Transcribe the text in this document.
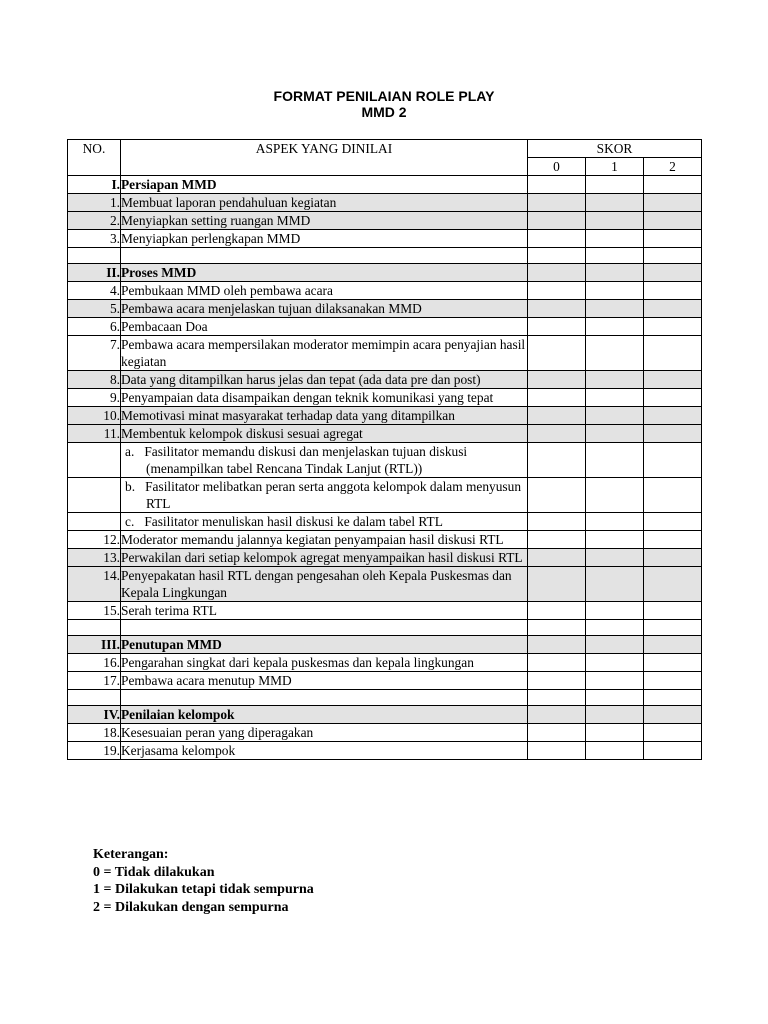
FORMAT PENILAIAN ROLE PLAY
MMD 2
NO.	ASPEK YANG DINILAI	SKOR		
		0	1	2
I.	Persiapan MMD			
1.	Membuat laporan pendahuluan kegiatan			
2.	Menyiapkan setting ruangan MMD			
3.	Menyiapkan perlengkapan MMD			

II.	Proses MMD			
4.	Pembukaan MMD oleh pembawa acara			
5.	Pembawa acara menjelaskan tujuan dilaksanakan MMD			
6.	Pembacaan Doa			
7.	Pembawa acara mempersilakan moderator memimpin acara penyajian hasil kegiatan			
8.	Data yang ditampilkan harus jelas dan tepat (ada data pre dan post)			
9.	Penyampaian data disampaikan dengan teknik komunikasi yang tepat			
10.	Memotivasi minat masyarakat terhadap data yang ditampilkan			
11.	Membentuk kelompok diskusi sesuai agregat			

	a.   Fasilitator memandu diskusi dan menjelaskan tujuan diskusi (menampilkan tabel Rencana Tindak Lanjut (RTL))			

	b.   Fasilitator melibatkan peran serta anggota kelompok dalam menyusun RTL			

	c.   Fasilitator menuliskan hasil diskusi ke dalam tabel RTL			

12.	Moderator memandu jalannya kegiatan penyampaian hasil diskusi RTL			
13.	Perwakilan dari setiap kelompok agregat menyampaikan hasil diskusi RTL			
14.	Penyepakatan hasil RTL dengan pengesahan oleh Kepala Puskesmas dan Kepala Lingkungan			
15.	Serah terima RTL			

III.	Penutupan MMD			
16.	Pengarahan singkat dari kepala puskesmas dan kepala lingkungan			
17.	Pembawa acara menutup MMD			

IV.	Penilaian kelompok			
18.	Kesesuaian peran yang diperagakan			
19.	Kerjasama kelompok			
Keterangan:
0 = Tidak dilakukan
1 = Dilakukan tetapi tidak sempurna
2 = Dilakukan dengan sempurna
